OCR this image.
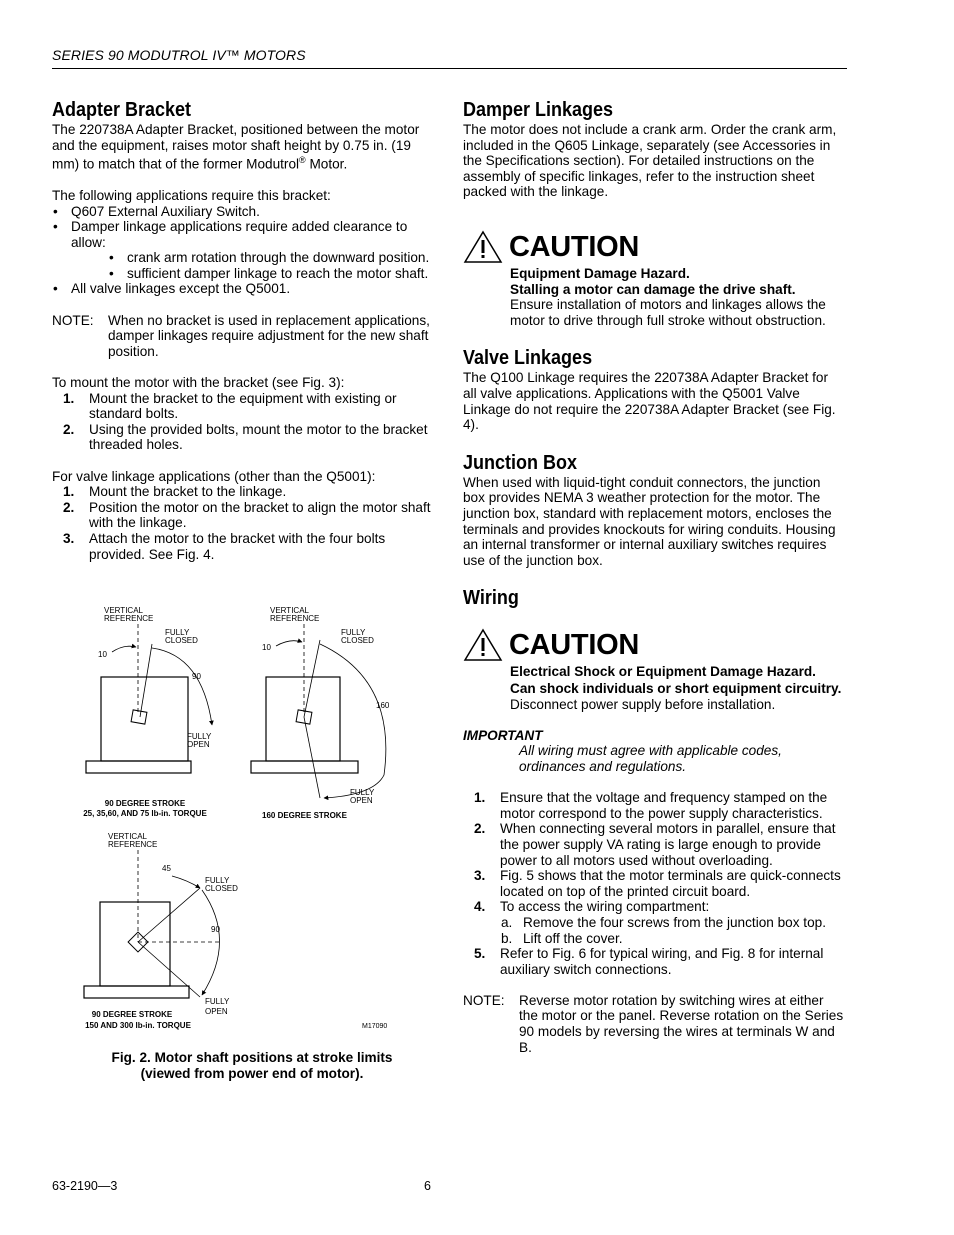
SERIES 90 MODUTROL IV™ MOTORS
Adapter Bracket

The 220738A Adapter Bracket, positioned between the motor and the equipment, raises motor shaft height by 0.75 in. (19 mm) to match that of the former Modutrol® Motor.

The following applications require this bracket:

• Q607 External Auxiliary Switch.
• Damper linkage applications require added clearance to allow:
• crank arm rotation through the downward position.
• sufficient damper linkage to reach the motor shaft.
• All valve linkages except the Q5001.
NOTE:	When no bracket is used in replacement applications, damper linkages require adjustment for the new shaft position.

To mount the motor with the bracket (see Fig. 3):

1. Mount the bracket to the equipment with existing or standard bolts.
2. Using the provided bolts, mount the motor to the bracket threaded holes.

For valve linkage applications (other than the Q5001):

1. Mount the bracket to the linkage.
2. Position the motor on the bracket to align the motor shaft with the linkage.
3. Attach the motor to the bracket with the four bolts provided. See Fig. 4.
VERTICAL
REFERENCE
FULLY
CLOSED
10
90
FULLY
OPEN
90 DEGREE STROKE
25, 35,60, AND 75 lb-in. TORQUE
VERTICAL
REFERENCE
FULLY
CLOSED
10
160
FULLY
OPEN
160 DEGREE STROKE
VERTICAL
REFERENCE
45
FULLY
CLOSED
90
FULLY
OPEN
90 DEGREE STROKE
150 AND 300 lb-in. TORQUE	M17090
Fig. 2. Motor shaft positions at stroke limits
(viewed from power end of motor).
Damper Linkages

The motor does not include a crank arm. Order the crank arm, included in the Q605 Linkage, separately (see Accessories in the Specifications section). For detailed instructions on the assembly of specific linkages, refer to the instruction sheet packed with the linkage.

CAUTION
Equipment Damage Hazard.
Stalling a motor can damage the drive shaft.
Ensure installation of motors and linkages allows the motor to drive through full stroke without obstruction.
Valve Linkages

The Q100 Linkage requires the 220738A Adapter Bracket for all valve applications. Applications with the Q5001 Valve Linkage do not require the 220738A Adapter Bracket (see Fig. 4).

Junction Box

When used with liquid-tight conduit connectors, the junction box provides NEMA 3 weather protection for the motor. The junction box, standard with replacement motors, encloses the terminals and provides knockouts for wiring conduits. Housing an internal transformer or internal auxiliary switches requires use of the junction box.

Wiring
CAUTION
Electrical Shock or Equipment Damage Hazard.
Can shock individuals or short equipment circuitry.
Disconnect power supply before installation.
IMPORTANT
All wiring must agree with applicable codes, ordinances and regulations.
1. Ensure that the voltage and frequency stamped on the motor correspond to the power supply characteristics.
2. When connecting several motors in parallel, ensure that the power supply VA rating is large enough to provide power to all motors used without overloading.
3. Fig. 5 shows that the motor terminals are quick-connects located on top of the printed circuit board.
4. To access the wiring compartment:
a. Remove the four screws from the junction box top.
b. Lift off the cover.
5. Refer to Fig. 6 for typical wiring, and Fig. 8 for internal auxiliary switch connections.
NOTE:	Reverse motor rotation by switching wires at either the motor or the panel. Reverse rotation on the Series 90 models by reversing the wires at terminals W and B.
63-2190—3	6
